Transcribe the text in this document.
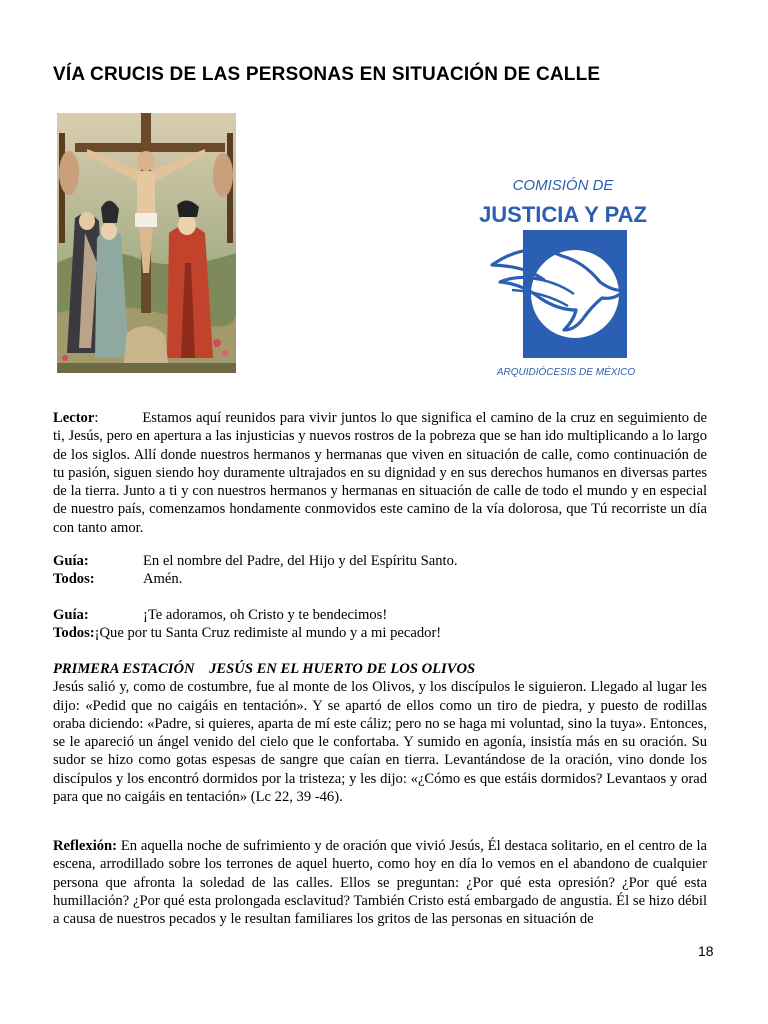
VÍA CRUCIS DE LAS PERSONAS EN SITUACIÓN DE CALLE
COMISIÓN DE
JUSTICIA Y PAZ
ARQUIDIÓCESIS DE MÉXICO

Lector:	Estamos aquí reunidos para vivir juntos lo que significa el camino de la cruz en seguimiento de ti, Jesús, pero en apertura a las injusticias y nuevos rostros de la pobreza que se han ido multiplicando a lo largo de los siglos. Allí donde nuestros hermanos y hermanas que viven en situación de calle, como continuación de tu pasión, siguen siendo hoy duramente ultrajados en su dignidad y en sus derechos humanos en diversas partes de la tierra. Junto a ti y con nuestros hermanos y hermanas en situación de calle de todo el mundo y en especial de nuestro país, comenzamos hondamente conmovidos este camino de la vía dolorosa, que Tú recorriste un día con tanto amor.

Guía:	En el nombre del Padre, del Hijo y del Espíritu Santo.
Todos:	Amén.
Guía:	¡Te adoramos, oh Cristo y te bendecimos!
Todos:¡Que por tu Santa Cruz redimiste al mundo y a mi pecador!

PRIMERA ESTACIÓN    JESÚS EN EL HUERTO DE LOS OLIVOS

Jesús salió y, como de costumbre, fue al monte de los Olivos, y los discípulos le siguieron. Llegado al lugar les dijo: «Pedid que no caigáis en tentación». Y se apartó de ellos como un tiro de piedra, y puesto de rodillas oraba diciendo: «Padre, si quieres, aparta de mí este cáliz; pero no se haga mi voluntad, sino la tuya». Entonces, se le apareció un ángel venido del cielo que le confortaba. Y sumido en agonía, insistía más en su oración. Su sudor se hizo como gotas espesas de sangre que caían en tierra. Levantándose de la oración, vino donde los discípulos y los encontró dormidos por la tristeza; y les dijo: «¿Cómo es que estáis dormidos? Levantaos y orad para que no caigáis en tentación» (Lc 22, 39 -46).

Reflexión: En aquella noche de sufrimiento y de oración que vivió Jesús, Él destaca solitario, en el centro de la escena, arrodillado sobre los terrones de aquel huerto, como hoy en día lo vemos en el abandono de cualquier persona que afronta la soledad de las calles. Ellos se preguntan: ¿Por qué esta opresión? ¿Por qué esta humillación? ¿Por qué esta prolongada esclavitud? También Cristo está embargado de angustia. Él se hizo débil a causa de nuestros pecados y le resultan familiares los gritos de las personas en situación de

18
